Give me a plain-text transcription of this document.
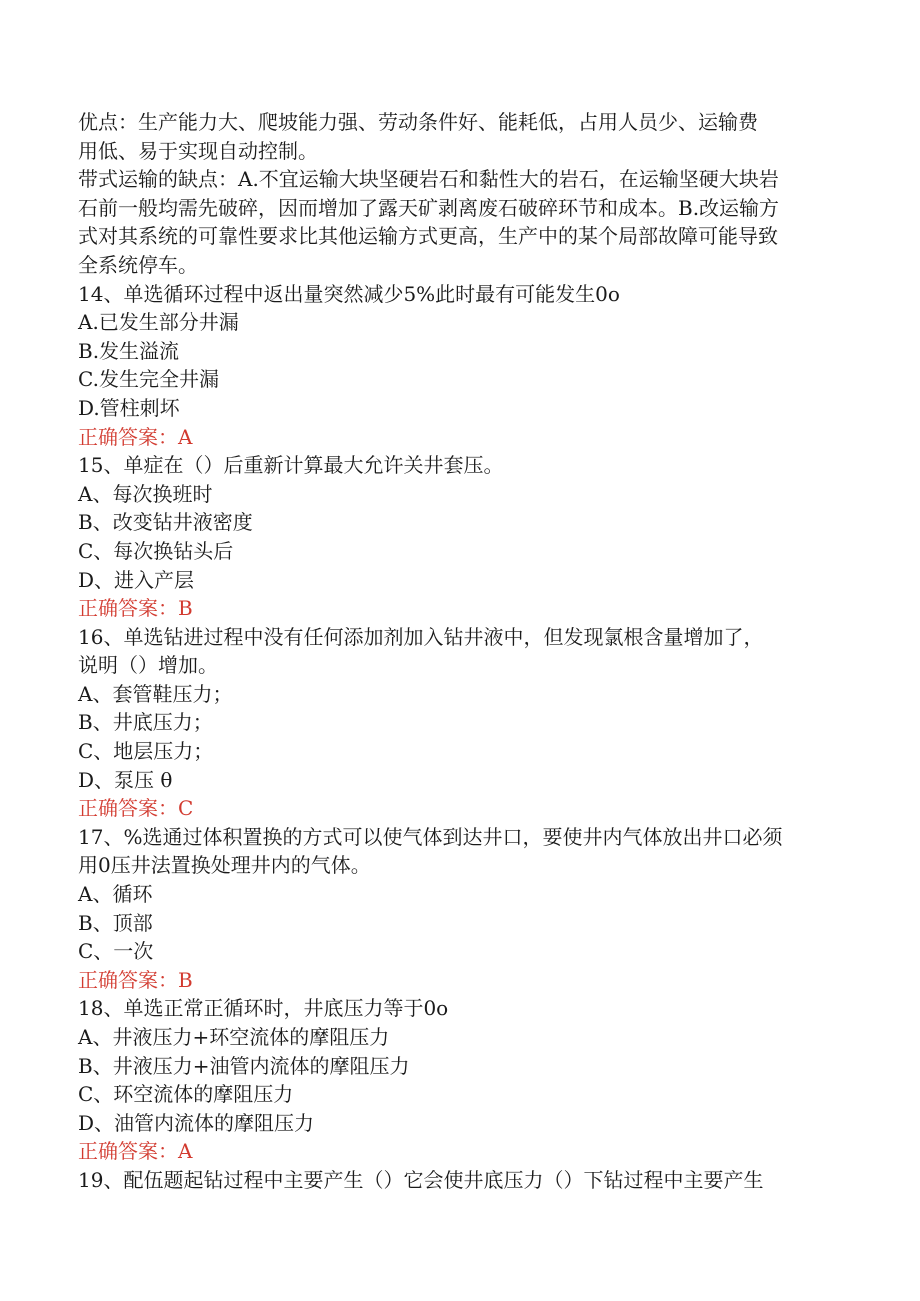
优点：生产能力大、爬坡能力强、劳动条件好、能耗低，占用人员少、运输费
用低、易于实现自动控制。
带式运输的缺点：A.不宜运输大块坚硬岩石和黏性大的岩石，在运输坚硬大块岩
石前一般均需先破碎，因而增加了露天矿剥离废石破碎环节和成本。B.改运输方
式对其系统的可靠性要求比其他运输方式更高，生产中的某个局部故障可能导致
全系统停车。
14、单选循环过程中返出量突然减少5%此时最有可能发生0o
A.已发生部分井漏
B.发生溢流
C.发生完全井漏
D.管柱刺坏
正确答案：A
15、单症在（）后重新计算最大允许关井套压。
A、每次换班时
B、改变钻井液密度
C、每次换钻头后
D、进入产层
正确答案：B
16、单选钻进过程中没有任何添加剂加入钻井液中，但发现氯根含量增加了，
说明（）增加。
A、套管鞋压力；
B、井底压力；
C、地层压力；
D、泵压 θ
正确答案：C
17、%选通过体积置换的方式可以使气体到达井口，要使井内气体放出井口必须
用0压井法置换处理井内的气体。
A、循环
B、顶部
C、一次
正确答案：B
18、单选正常正循环时，井底压力等于0o
A、井液压力+环空流体的摩阻压力
B、井液压力+油管内流体的摩阻压力
C、环空流体的摩阻压力
D、油管内流体的摩阻压力
正确答案：A
19、配伍题起钻过程中主要产生（）它会使井底压力（）下钻过程中主要产生
